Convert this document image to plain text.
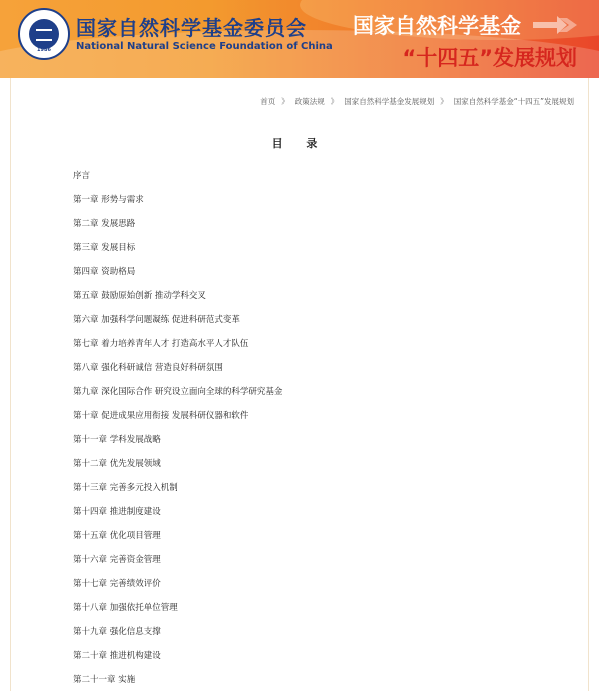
1986
国家自然科学基金委员会
National Natural Science Foundation of China
国家自然科学基金
“十四五”发展规划
首页 》 政策法规 》 国家自然科学基金发展规划 》 国家自然科学基金“十四五”发展规划
目 录
序言
第一章 形势与需求
第二章 发展思路
第三章 发展目标
第四章 资助格局
第五章 鼓励原始创新 推动学科交叉
第六章 加强科学问题凝练 促进科研范式变革
第七章 着力培养青年人才 打造高水平人才队伍
第八章 强化科研诚信 营造良好科研氛围
第九章 深化国际合作 研究设立面向全球的科学研究基金
第十章 促进成果应用衔接 发展科研仪器和软件
第十一章 学科发展战略
第十二章 优先发展领域
第十三章 完善多元投入机制
第十四章 推进制度建设
第十五章 优化项目管理
第十六章 完善资金管理
第十七章 完善绩效评价
第十八章 加强依托单位管理
第十九章 强化信息支撑
第二十章 推进机构建设
第二十一章 实施
